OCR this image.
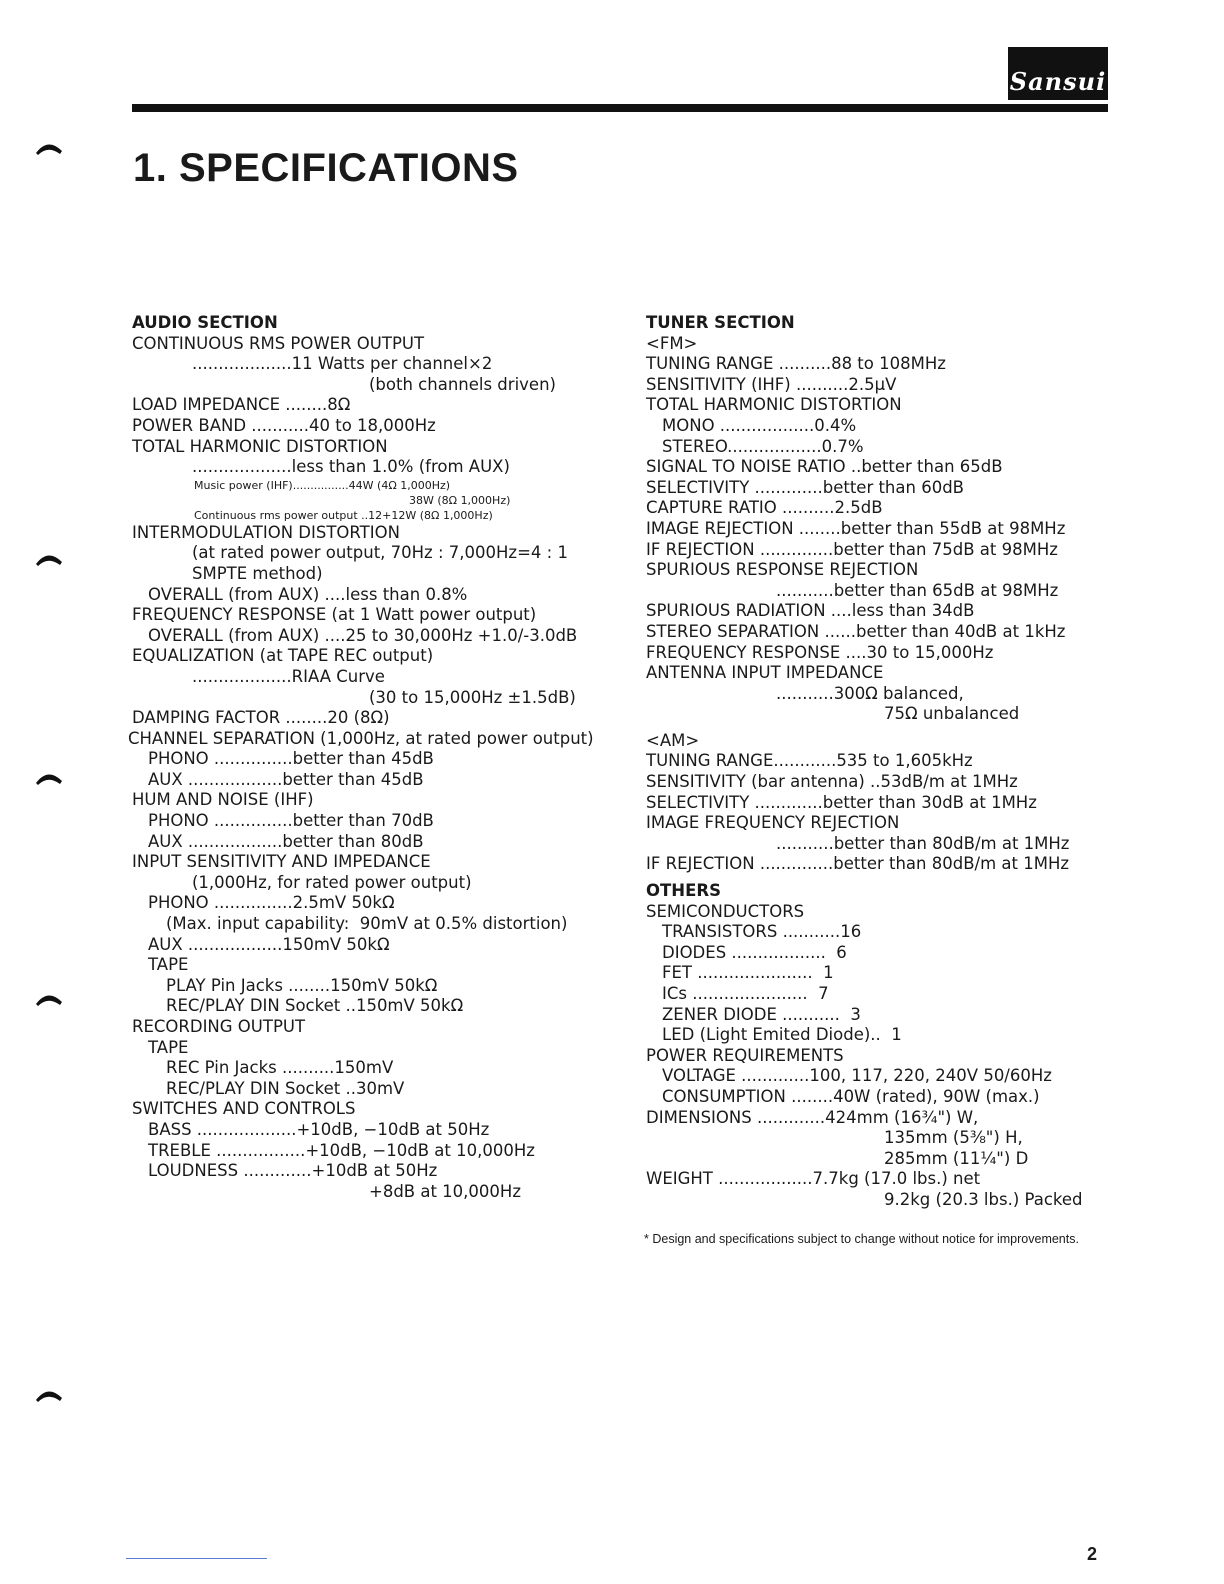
Sansui
1. SPECIFICATIONS
AUDIO SECTION
CONTINUOUS RMS POWER OUTPUT
...................11 Watts per channel×2
(both channels driven)
LOAD IMPEDANCE ........8Ω
POWER BAND ...........40 to 18,000Hz
TOTAL HARMONIC DISTORTION
...................less than 1.0% (from AUX)
Music power (IHF)................44W (4Ω 1,000Hz)
38W (8Ω 1,000Hz)
Continuous rms power output ..12+12W (8Ω 1,000Hz)
INTERMODULATION DISTORTION
(at rated power output, 70Hz : 7,000Hz=4 : 1
SMPTE method)
OVERALL (from AUX) ....less than 0.8%
FREQUENCY RESPONSE (at 1 Watt power output)
OVERALL (from AUX) ....25 to 30,000Hz +1.0/-3.0dB
EQUALIZATION (at TAPE REC output)
...................RIAA Curve
(30 to 15,000Hz ±1.5dB)
DAMPING FACTOR ........20 (8Ω)
CHANNEL SEPARATION (1,000Hz, at rated power output)
PHONO ...............better than 45dB
AUX ..................better than 45dB
HUM AND NOISE (IHF)
PHONO ...............better than 70dB
AUX ..................better than 80dB
INPUT SENSITIVITY AND IMPEDANCE
(1,000Hz, for rated power output)
PHONO ...............2.5mV 50kΩ
(Max. input capability:  90mV at 0.5% distortion)
AUX ..................150mV 50kΩ
TAPE
PLAY Pin Jacks ........150mV 50kΩ
REC/PLAY DIN Socket ..150mV 50kΩ
RECORDING OUTPUT
TAPE
REC Pin Jacks ..........150mV
REC/PLAY DIN Socket ..30mV
SWITCHES AND CONTROLS
BASS ...................+10dB, −10dB at 50Hz
TREBLE .................+10dB, −10dB at 10,000Hz
LOUDNESS .............+10dB at 50Hz
+8dB at 10,000Hz
TUNER SECTION
<FM>
TUNING RANGE ..........88 to 108MHz
SENSITIVITY (IHF) ..........2.5μV
TOTAL HARMONIC DISTORTION
MONO ..................0.4%
STEREO..................0.7%
SIGNAL TO NOISE RATIO ..better than 65dB
SELECTIVITY .............better than 60dB
CAPTURE RATIO ..........2.5dB
IMAGE REJECTION ........better than 55dB at 98MHz
IF REJECTION ..............better than 75dB at 98MHz
SPURIOUS RESPONSE REJECTION
...........better than 65dB at 98MHz
SPURIOUS RADIATION ....less than 34dB
STEREO SEPARATION ......better than 40dB at 1kHz
FREQUENCY RESPONSE ....30 to 15,000Hz
ANTENNA INPUT IMPEDANCE
...........300Ω balanced,
75Ω unbalanced
<AM>
TUNING RANGE............535 to 1,605kHz
SENSITIVITY (bar antenna) ..53dB/m at 1MHz
SELECTIVITY .............better than 30dB at 1MHz
IMAGE FREQUENCY REJECTION
...........better than 80dB/m at 1MHz
IF REJECTION ..............better than 80dB/m at 1MHz
OTHERS
SEMICONDUCTORS
TRANSISTORS ...........16
DIODES ..................  6
FET ......................  1
ICs ......................  7
ZENER DIODE ...........  3
LED (Light Emited Diode)..  1
POWER REQUIREMENTS
VOLTAGE .............100, 117, 220, 240V 50/60Hz
CONSUMPTION ........40W (rated), 90W (max.)
DIMENSIONS .............424mm (16¾") W,
135mm (5⅜") H,
285mm (11¼") D
WEIGHT ..................7.7kg (17.0 lbs.) net
9.2kg (20.3 lbs.) Packed
* Design and specifications subject to change without notice for improvements.
2
